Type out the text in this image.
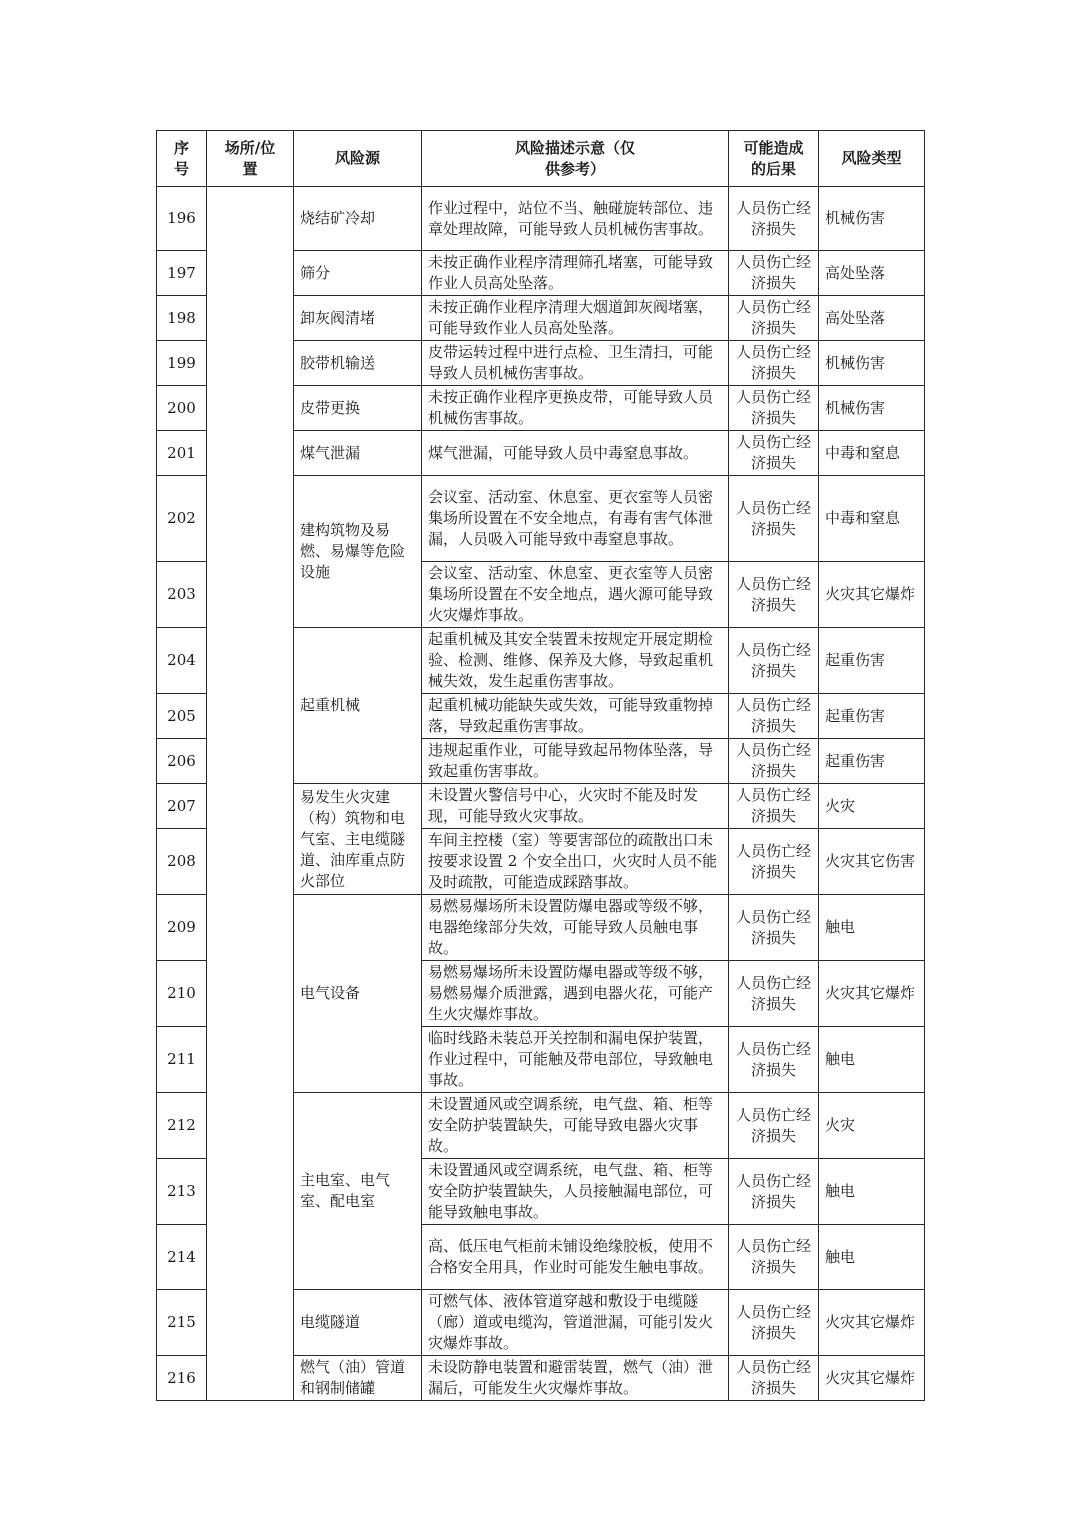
序号	场所/位置	风险源	风险描述示意（仅供参考）	可能造成的后果	风险类型
196		烧结矿冷却	作业过程中，站位不当、触碰旋转部位、违章处理故障，可能导致人员机械伤害事故。	人员伤亡经济损失	机械伤害
197		筛分	未按正确作业程序清理筛孔堵塞，可能导致作业人员高处坠落。	人员伤亡经济损失	高处坠落
198		卸灰阀清堵	未按正确作业程序清理大烟道卸灰阀堵塞，可能导致作业人员高处坠落。	人员伤亡经济损失	高处坠落
199		胶带机输送	皮带运转过程中进行点检、卫生清扫，可能导致人员机械伤害事故。	人员伤亡经济损失	机械伤害
200		皮带更换	未按正确作业程序更换皮带，可能导致人员机械伤害事故。	人员伤亡经济损失	机械伤害
201		煤气泄漏	煤气泄漏，可能导致人员中毒窒息事故。	人员伤亡经济损失	中毒和窒息
202		建构筑物及易燃、易爆等危险设施	会议室、活动室、休息室、更衣室等人员密集场所设置在不安全地点，有毒有害气体泄漏，人员吸入可能导致中毒窒息事故。	人员伤亡经济损失	中毒和窒息
203			会议室、活动室、休息室、更衣室等人员密集场所设置在不安全地点，遇火源可能导致火灾爆炸事故。	人员伤亡经济损失	火灾其它爆炸
204		起重机械	起重机械及其安全装置未按规定开展定期检验、检测、维修、保养及大修，导致起重机械失效，发生起重伤害事故。	人员伤亡经济损失	起重伤害
205			起重机械功能缺失或失效，可能导致重物掉落，导致起重伤害事故。	人员伤亡经济损失	起重伤害
206			违规起重作业，可能导致起吊物体坠落，导致起重伤害事故。	人员伤亡经济损失	起重伤害
207		易发生火灾建（构）筑物和电气室、主电缆隧道、油库重点防火部位	未设置火警信号中心，火灾时不能及时发现，可能导致火灾事故。	人员伤亡经济损失	火灾
208			车间主控楼（室）等要害部位的疏散出口未按要求设置 2 个安全出口，火灾时人员不能及时疏散，可能造成踩踏事故。	人员伤亡经济损失	火灾其它伤害
209		电气设备	易燃易爆场所未设置防爆电器或等级不够，电器绝缘部分失效，可能导致人员触电事故。	人员伤亡经济损失	触电
210			易燃易爆场所未设置防爆电器或等级不够，易燃易爆介质泄露，遇到电器火花，可能产生火灾爆炸事故。	人员伤亡经济损失	火灾其它爆炸
211			临时线路未装总开关控制和漏电保护装置，作业过程中，可能触及带电部位，导致触电事故。	人员伤亡经济损失	触电
212		主电室、电气室、配电室	未设置通风或空调系统，电气盘、箱、柜等安全防护装置缺失，可能导致电器火灾事故。	人员伤亡经济损失	火灾
213			未设置通风或空调系统，电气盘、箱、柜等安全防护装置缺失，人员接触漏电部位，可能导致触电事故。	人员伤亡经济损失	触电
214			高、低压电气柜前未铺设绝缘胶板，使用不合格安全用具，作业时可能发生触电事故。	人员伤亡经济损失	触电
215		电缆隧道	可燃气体、液体管道穿越和敷设于电缆隧（廊）道或电缆沟，管道泄漏，可能引发火灾爆炸事故。	人员伤亡经济损失	火灾其它爆炸
216		燃气（油）管道和钢制储罐	未设防静电装置和避雷装置，燃气（油）泄漏后，可能发生火灾爆炸事故。	人员伤亡经济损失	火灾其它爆炸
